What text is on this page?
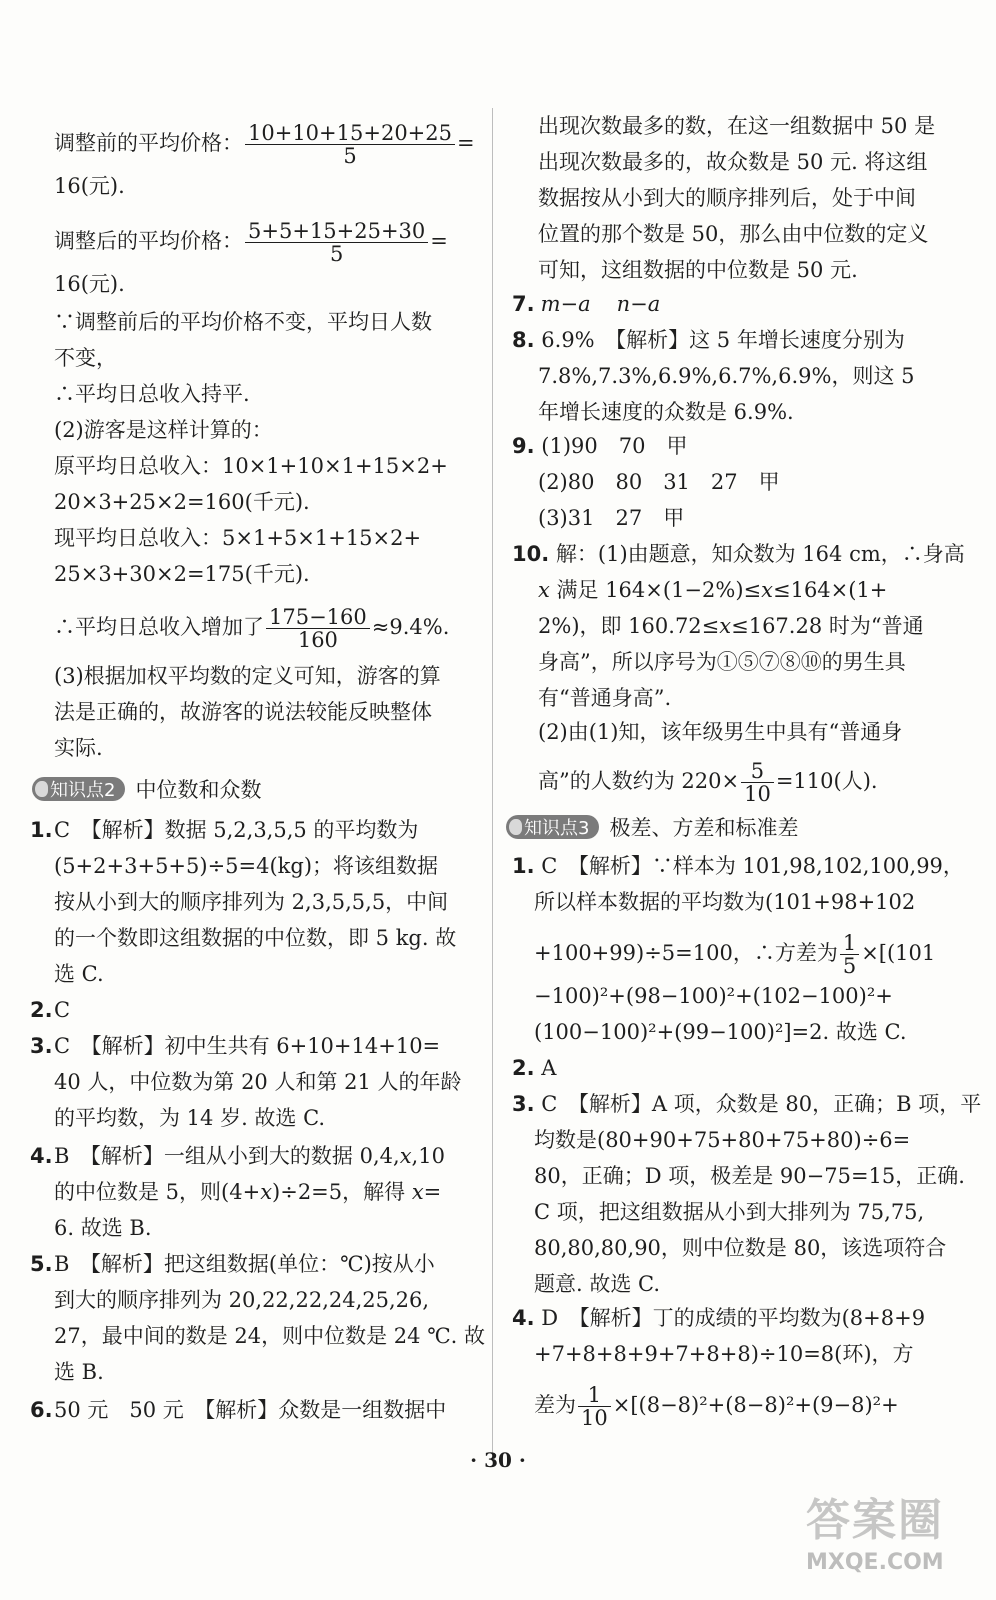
调整前的平均价格： $\frac{10+10+15+20+25}{5}$ =
16(元).
调整后的平均价格： $\frac{5+5+15+25+30}{5}$ =
16(元).
∵调整前后的平均价格不变，平均日人数
不变，
∴平均日总收入持平.
(2)游客是这样计算的：
原平均日总收入：10×1+10×1+15×2+
20×3+25×2=160(千元).
现平均日总收入：5×1+5×1+15×2+
25×3+30×2=175(千元).
∴平均日总收入增加了 $\frac{175-160}{160} \approx 9.4\%$.
(3)根据加权平均数的定义可知，游客的算
法是正确的，故游客的说法较能反映整体
实际.
知识点2 中位数和众数
1. C　【解析】数据 5,2,3,5,5 的平均数为
(5+2+3+5+5)÷5=4(kg)；将该组数据
按从小到大的顺序排列为 2,3,5,5,5，中间
的一个数即这组数据的中位数，即 5 kg. 故
选 C.
2. C
3. C　【解析】初中生共有 6+10+14+10=
40 人，中位数为第 20 人和第 21 人的年龄
的平均数，为 14 岁. 故选 C.
4. B　【解析】一组从小到大的数据 0,4,x,10
的中位数是 5，则(4+x)÷2=5，解得 x=
6. 故选 B.
5. B　【解析】把这组数据(单位：℃)按从小
到大的顺序排列为 20,22,22,24,25,26,
27，最中间的数是 24，则中位数是 24 ℃. 故
选 B.
6. 50 元　50 元　【解析】众数是一组数据中
出现次数最多的数，在这一组数据中 50 是
出现次数最多的，故众数是 50 元. 将这组
数据按从小到大的顺序排列后，处于中间
位置的那个数是 50，那么由中位数的定义
可知，这组数据的中位数是 50 元.
7. m−a n−a
8. 6.9%　【解析】这 5 年增长速度分别为
7.8%,7.3%,6.9%,6.7%,6.9%，则这 5
年增长速度的众数是 6.9%.
9. (1)90　70　甲
(2)80　80　31　27　甲
(3)31　27　甲
10. 解：(1)由题意，知众数为 164 cm，∴身高
x 满足 164×(1−2%)≤x≤164×(1+
2%)，即 160.72≤x≤167.28 时为“普通
身高”，所以序号为①⑤⑦⑧⑩的男生具
有“普通身高”.
(2)由(1)知，该年级男生中具有“普通身
高”的人数约为 $220\times \frac{5}{10} =110$(人).
知识点3 极差、方差和标准差
1. C　【解析】∵样本为 101,98,102,100,99，
所以样本数据的平均数为(101+98+102
+100+99)÷5=100，∴方差为 $\frac{1}{5} \times[(101$
−100)²+(98−100)²+(102−100)²+
(100−100)²+(99−100)²]=2. 故选 C.
2. A
3. C　【解析】A 项，众数是 80，正确；B 项，平
均数是(80+90+75+80+75+80)÷6=
80，正确；D 项，极差是 90−75=15，正确.
C 项，把这组数据从小到大排列为 75,75,
80,80,80,90，则中位数是 80，该选项符合
题意. 故选 C.
4. D　【解析】丁的成绩的平均数为(8+8+9
+7+8+8+9+7+8+8)÷10=8(环)，方
差为 $\frac{1}{10} \times[(8-8)^2+(8-8)^2+(9-8)^2+$
· 30 ·
答案圈
MXQE.COM
